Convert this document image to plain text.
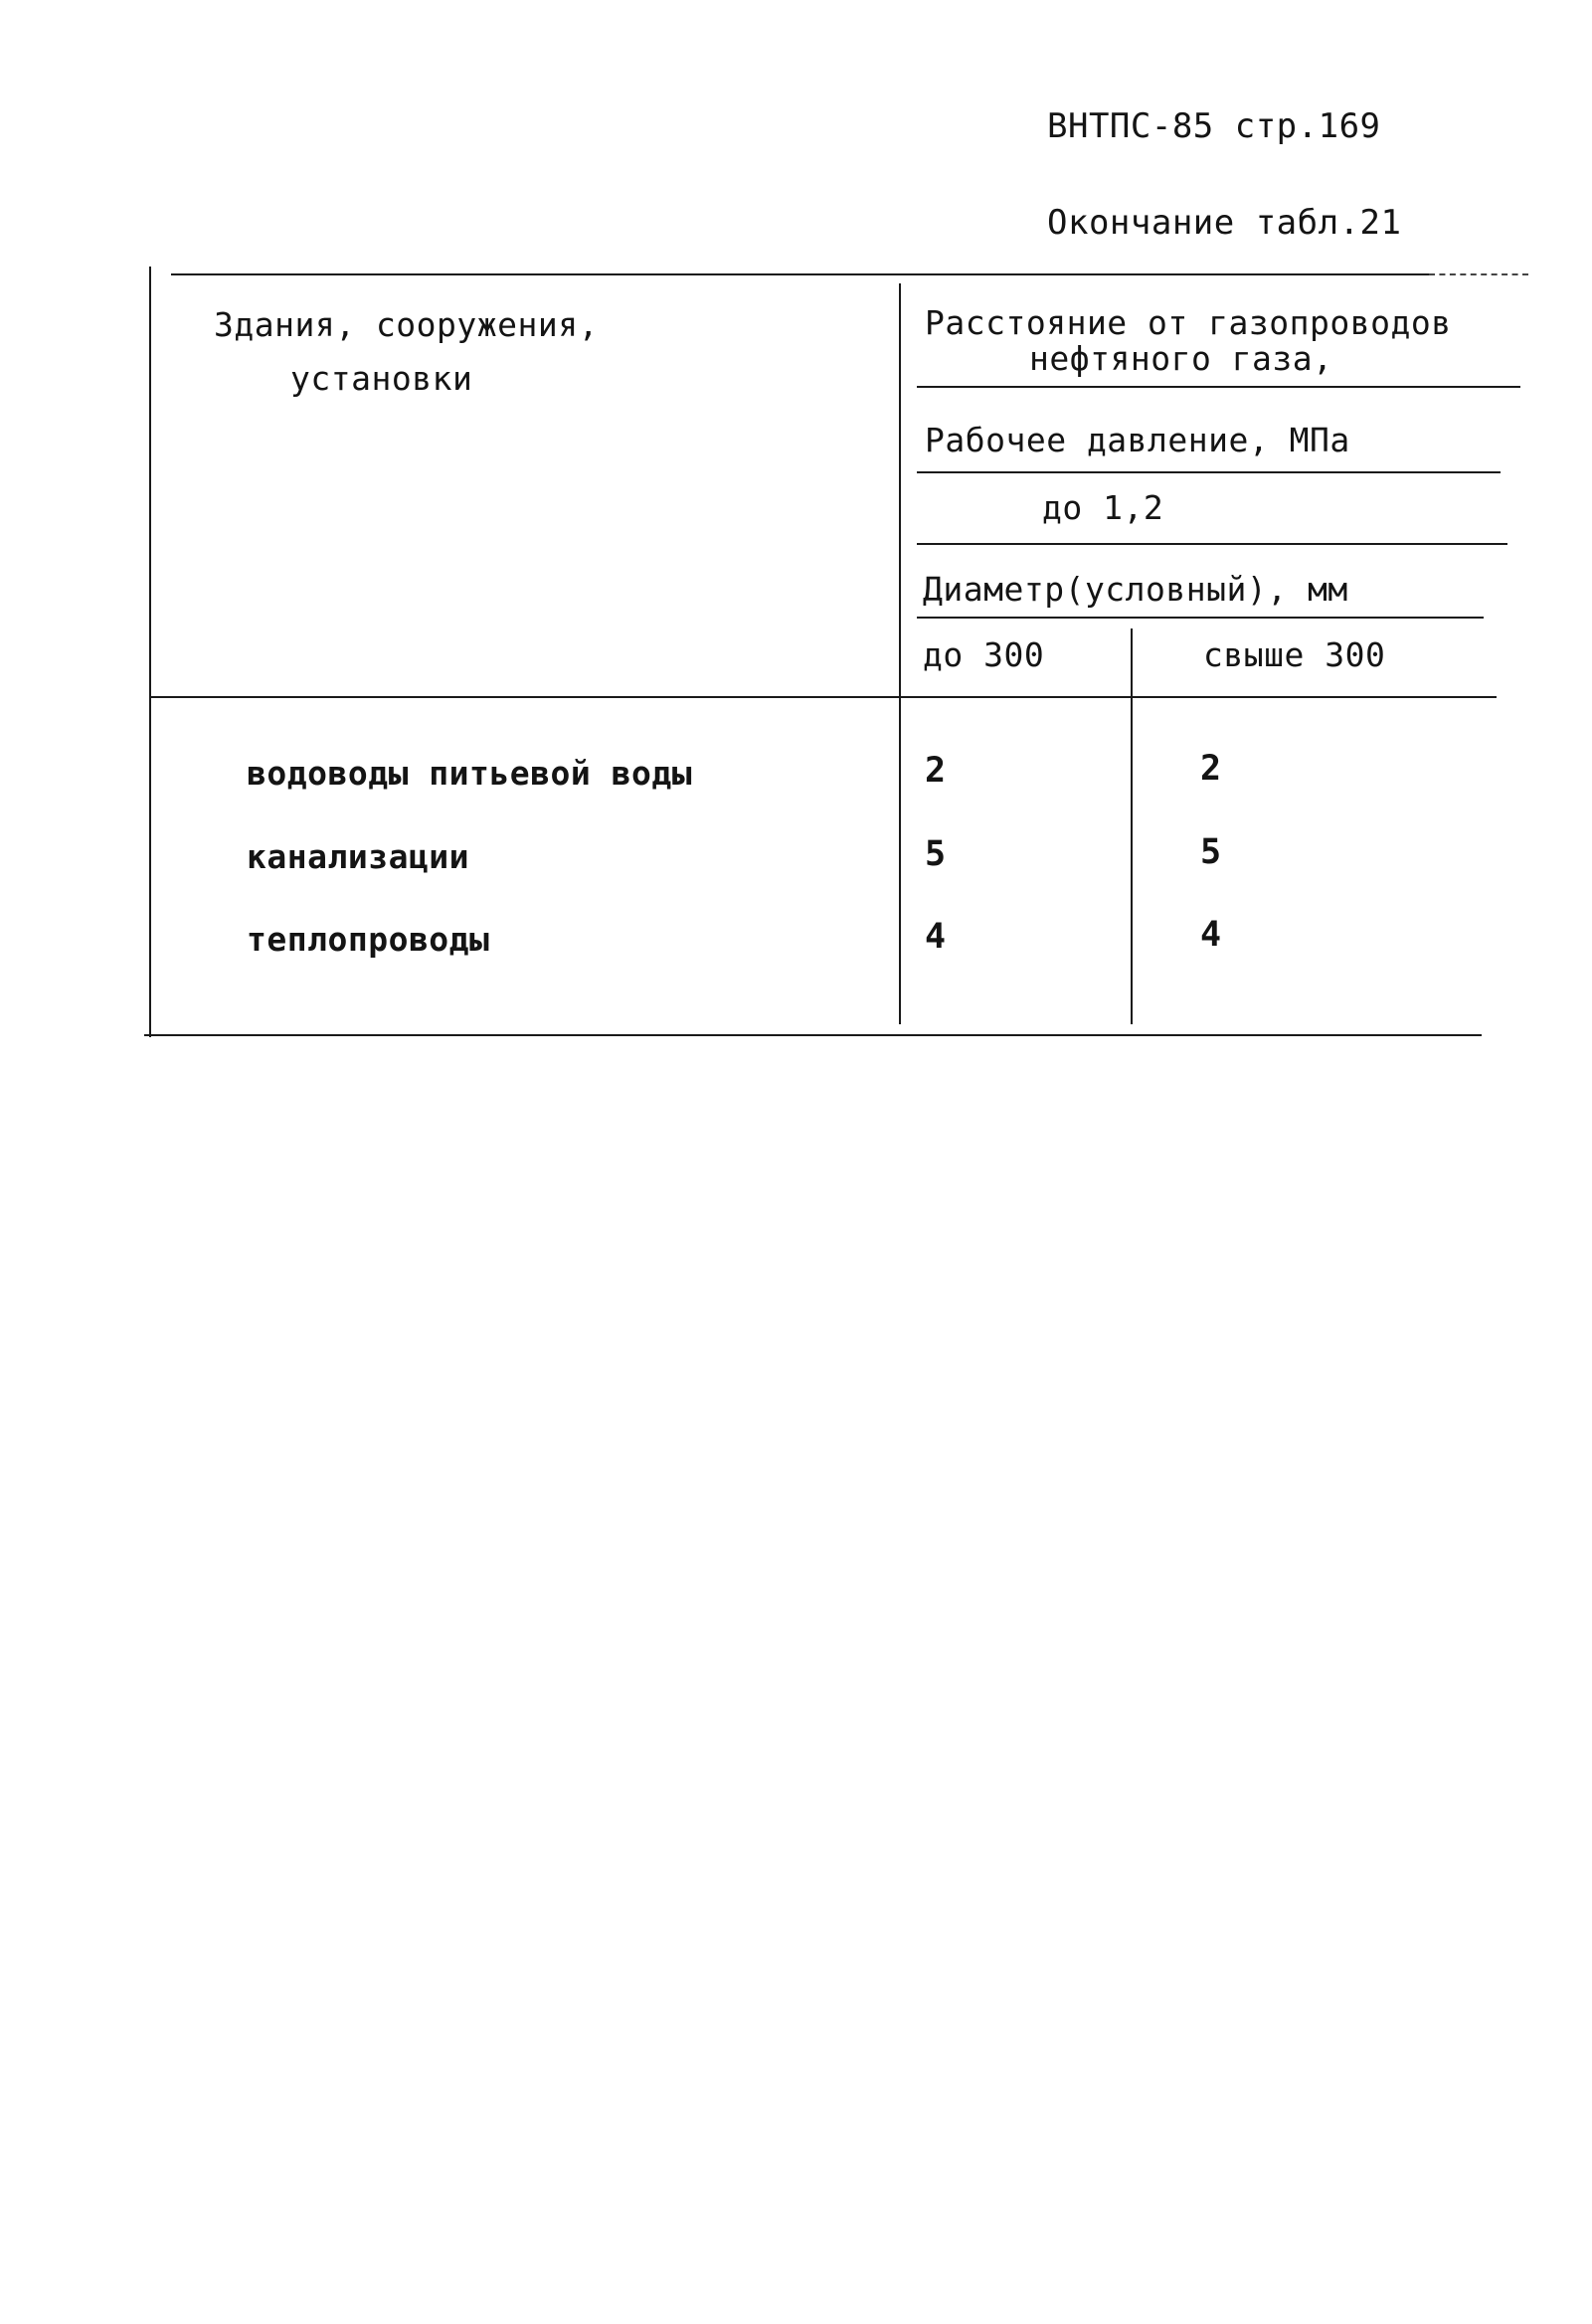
ВНТПС-85 стр.169
Окончание табл.21
Здания, сооружения,
установки
Расстояние от газопроводов
нефтяного газа,
Рабочее давление, МПа
до 1,2
Диаметр(условный), мм
до 300	свыше 300
водоводы питьевой воды	2	2
канализации	5	5
теплопроводы	4	4
